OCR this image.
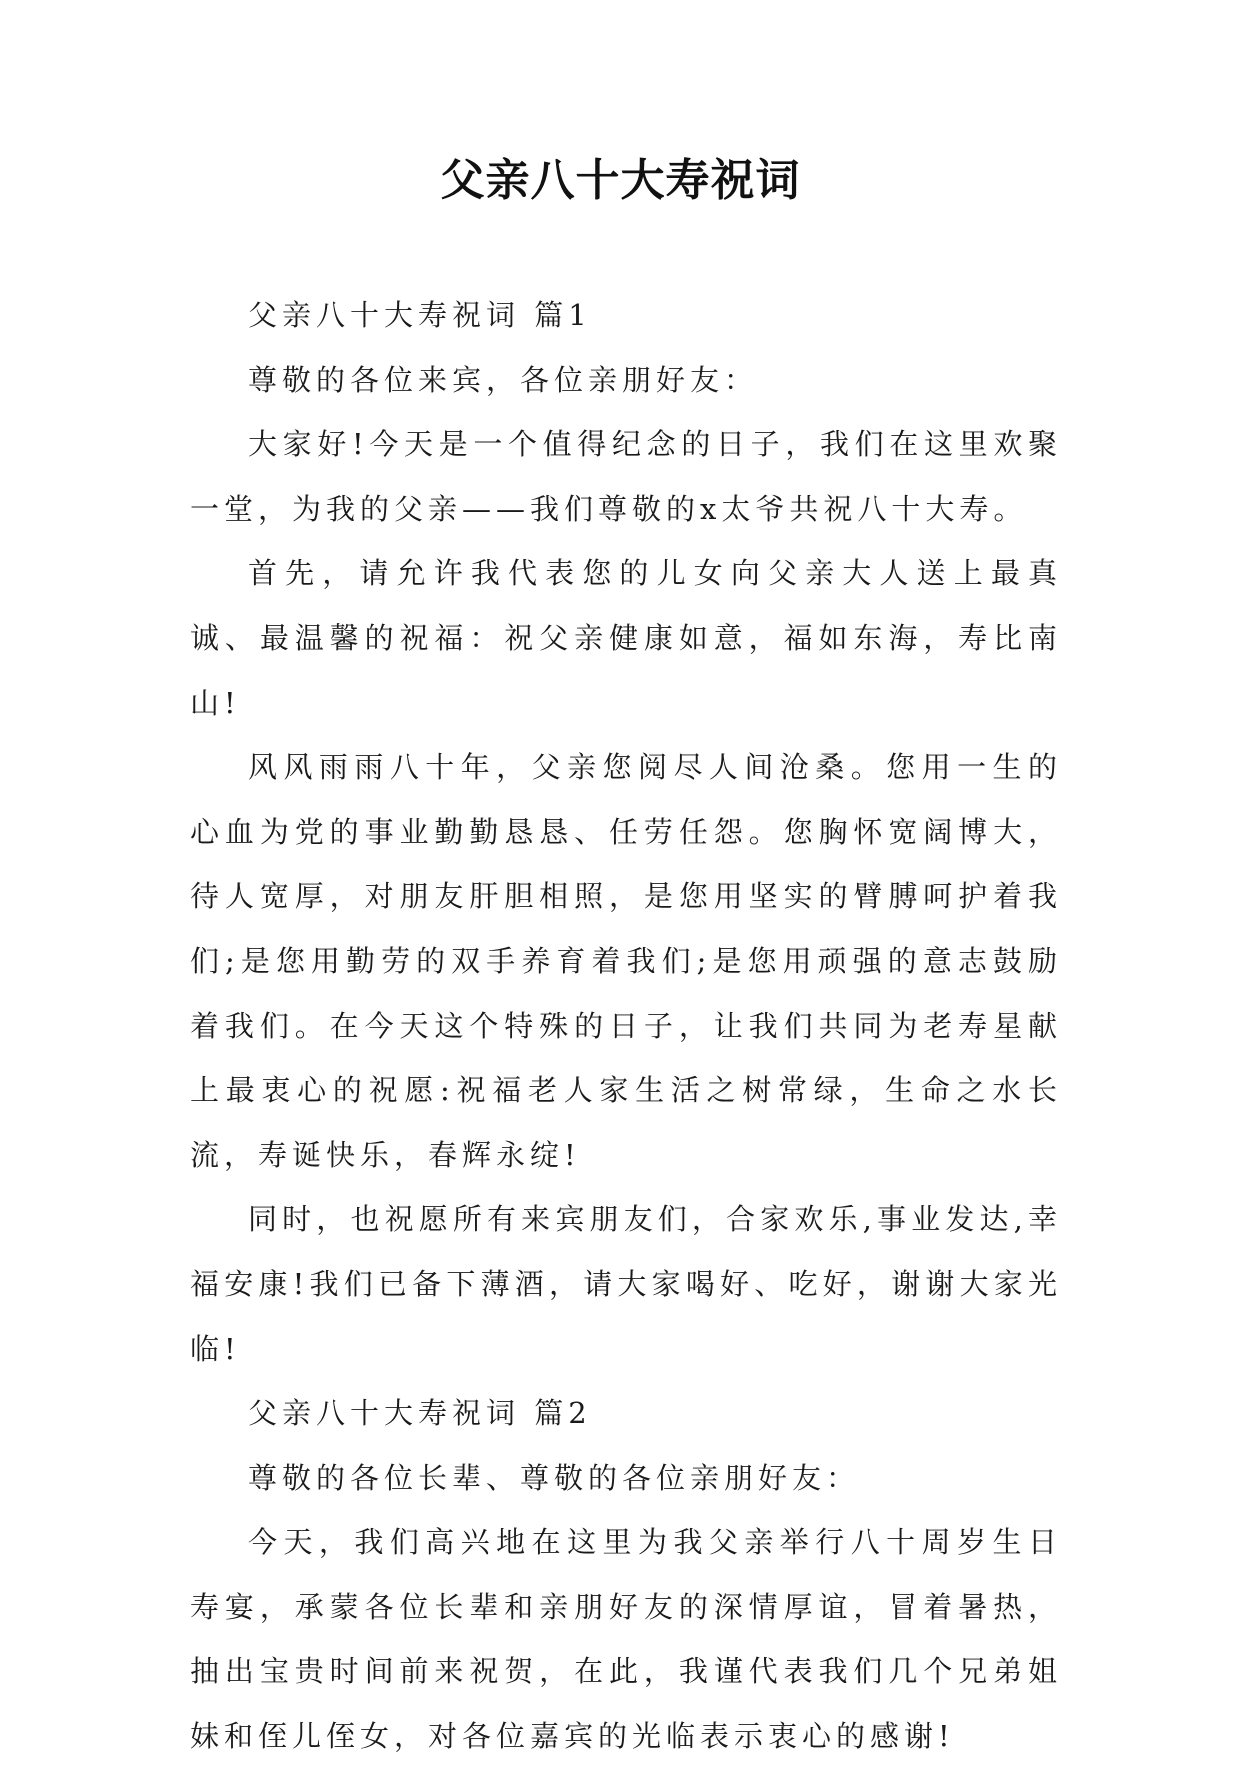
父亲八十大寿祝词

父亲八十大寿祝词 篇1

尊敬的各位来宾，各位亲朋好友：

大家好!今天是一个值得纪念的日子，我们在这里欢聚一堂，为我的父亲——我们尊敬的x太爷共祝八十大寿。

首先，请允许我代表您的儿女向父亲大人送上最真诚、最温馨的祝福：祝父亲健康如意，福如东海，寿比南山!

风风雨雨八十年，父亲您阅尽人间沧桑。您用一生的心血为党的事业勤勤恳恳、任劳任怨。您胸怀宽阔博大，待人宽厚，对朋友肝胆相照，是您用坚实的臂膊呵护着我们;是您用勤劳的双手养育着我们;是您用顽强的意志鼓励着我们。在今天这个特殊的日子，让我们共同为老寿星献上最衷心的祝愿:祝福老人家生活之树常绿，生命之水长流，寿诞快乐，春辉永绽!

同时，也祝愿所有来宾朋友们，合家欢乐,事业发达,幸福安康!我们已备下薄酒，请大家喝好、吃好，谢谢大家光临!

父亲八十大寿祝词 篇2

尊敬的各位长辈、尊敬的各位亲朋好友：

今天，我们高兴地在这里为我父亲举行八十周岁生日寿宴，承蒙各位长辈和亲朋好友的深情厚谊，冒着暑热，抽出宝贵时间前来祝贺，在此，我谨代表我们几个兄弟姐妹和侄儿侄女，对各位嘉宾的光临表示衷心的感谢!
